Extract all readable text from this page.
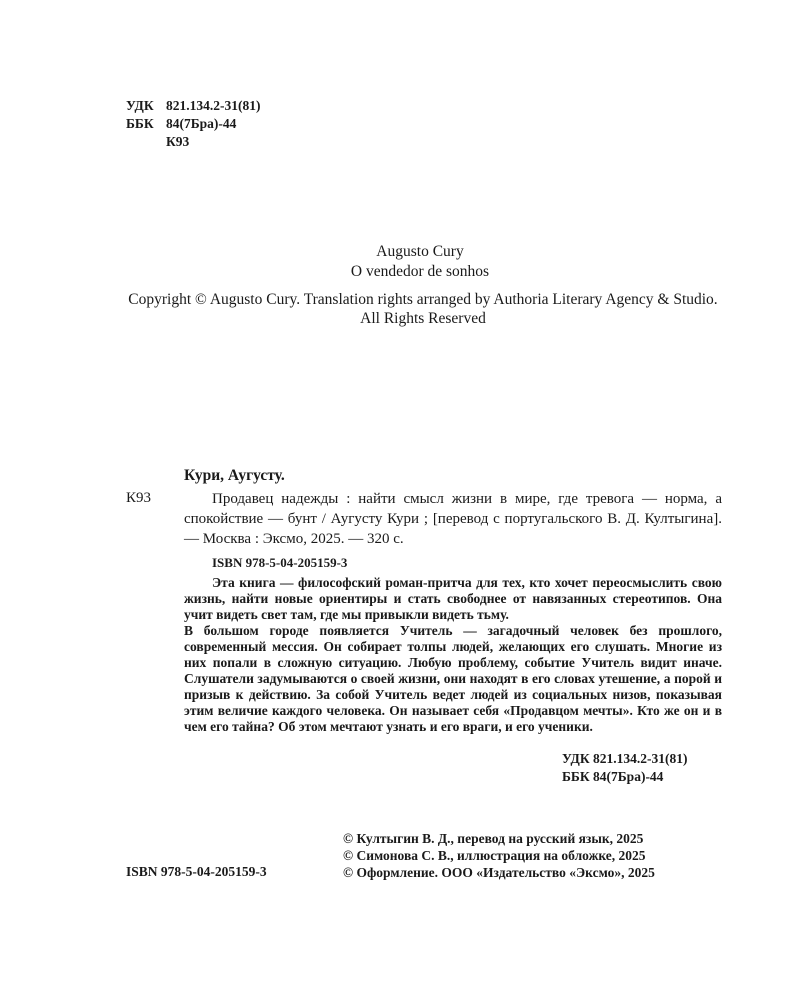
УДК 821.134.2-31(81)
ББК 84(7Бра)-44
К93
Augusto Cury
O vendedor de sonhos
Copyright © Augusto Cury. Translation rights arranged by Authoria Literary Agency & Studio. All Rights Reserved
Кури, Аугусту.
К93	Продавец надежды : найти смысл жизни в мире, где тревога — норма, а спокойствие — бунт / Аугусту Кури ; [перевод с португальского В. Д. Култыгина]. — Москва : Эксмо, 2025. — 320 с.
ISBN 978-5-04-205159-3

Эта книга — философский роман-притча для тех, кто хочет переосмыслить свою жизнь, найти новые ориентиры и стать свободнее от навязанных стереотипов. Она учит видеть свет там, где мы привыкли видеть тьму.

В большом городе появляется Учитель — загадочный человек без прошлого, современный мессия. Он собирает толпы людей, желающих его слушать. Многие из них попали в сложную ситуацию. Любую проблему, событие Учитель видит иначе. Слушатели задумываются о своей жизни, они находят в его словах утешение, а порой и призыв к действию. За собой Учитель ведет людей из социальных низов, показывая этим величие каждого человека. Он называет себя «Продавцом мечты». Кто же он и в чем его тайна? Об этом мечтают узнать и его враги, и его ученики.

УДК 821.134.2-31(81)
ББК 84(7Бра)-44
© Култыгин В. Д., перевод на русский язык, 2025
© Симонова С. В., иллюстрация на обложке, 2025
© Оформление. ООО «Издательство «Эксмо», 2025
ISBN 978-5-04-205159-3
